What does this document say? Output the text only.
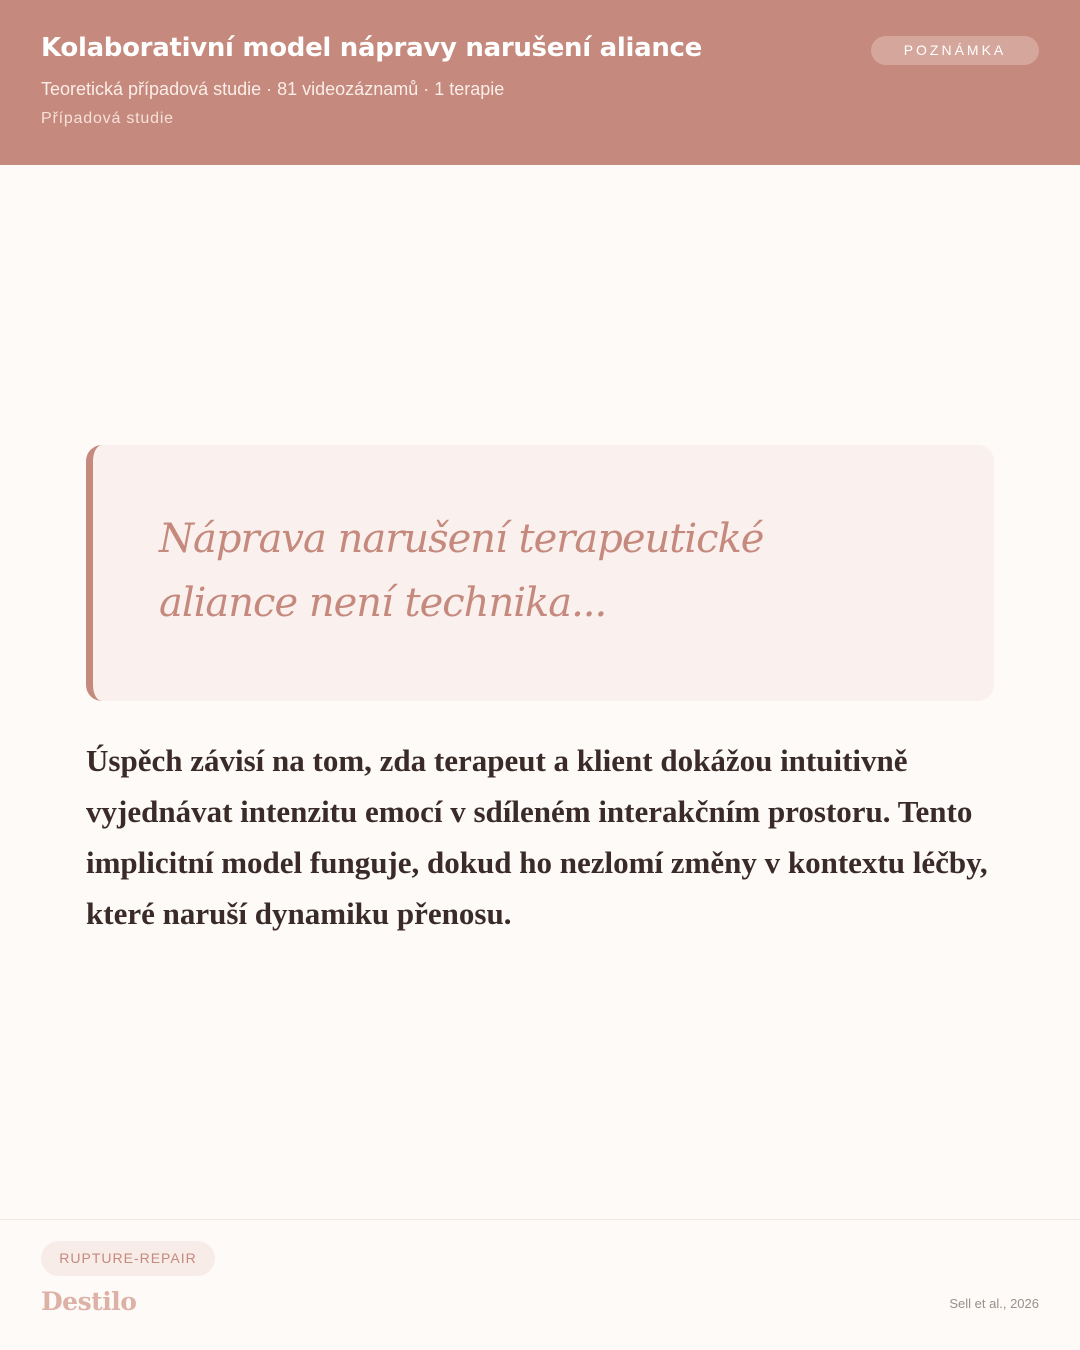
Kolaborativní model nápravy narušení aliance
Teoretická případová studie · 81 videozáznamů · 1 terapie
Případová studie
POZNÁMKA

Náprava narušení terapeutické aliance není technika...

Úspěch závisí na tom, zda terapeut a klient dokážou intuitivně vyjednávat intenzitu emocí v sdíleném interakčním prostoru. Tento implicitní model funguje, dokud ho nezlomí změny v kontextu léčby, které naruší dynamiku přenosu.

RUPTURE-REPAIR
Destilo	Sell et al., 2026
